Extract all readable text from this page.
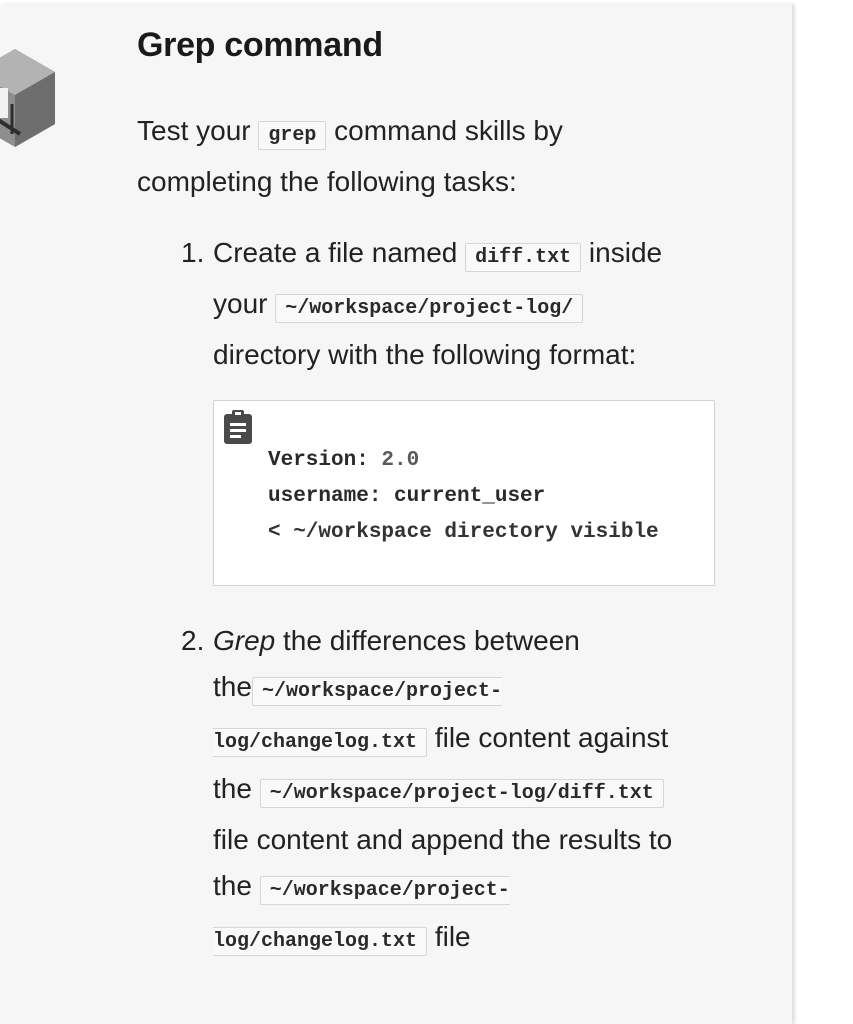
Grep command
Test your grep command skills by completing the following tasks:
1. Create a file named diff.txt inside your ~/workspace/project-log/ directory with the following format:
2. Grep the differences between the ~/workspace/project-log/changelog.txt file content against the ~/workspace/project-log/diff.txt file content and append the results to the ~/workspace/project-log/changelog.txt file
Version: 2.0
username: current_user
< ~/workspace directory visible
